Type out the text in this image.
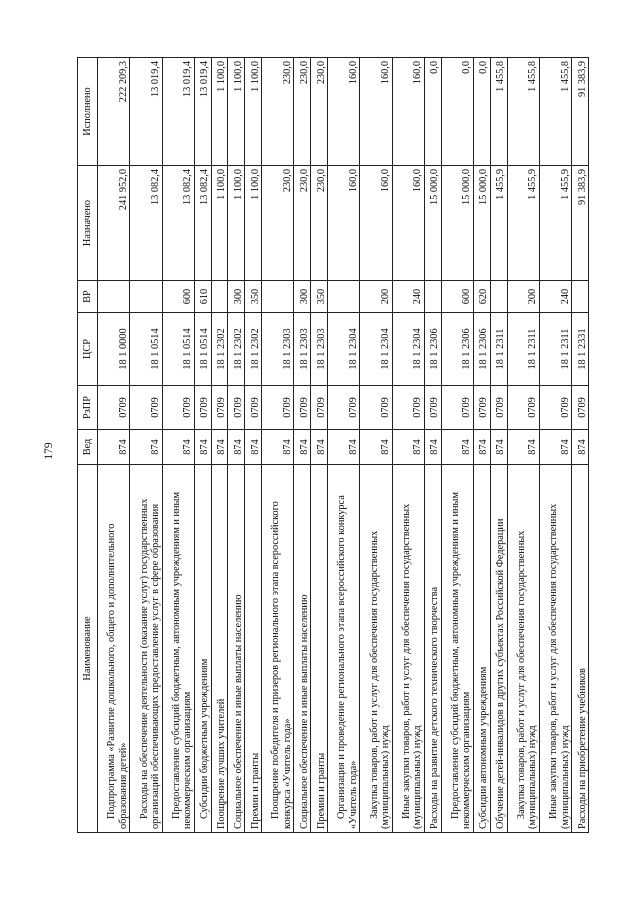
179
Наименование	Вед	РзПР	ЦСР	ВР	Назначено	Исполнено
Подпрограмма «Развитие дошкольного, общего и дополнительного образования детей»	874	0709	18 1 0000		241 952,0	222 209,3
Расходы на обеспечение деятельности (оказание услуг) государственных организаций обеспечивающих предоставление услуг в сфере образования	874	0709	18 1 0514		13 082,4	13 019,4
Предоставление субсидий бюджетным, автономным учреждениям и иным некоммерческим организациям	874	0709	18 1 0514	600	13 082,4	13 019,4
Субсидии бюджетным учреждениям	874	0709	18 1 0514	610	13 082,4	13 019,4
Поощрение лучших учителей	874	0709	18 1 2302		1 100,0	1 100,0
Социальное обеспечение и иные выплаты населению	874	0709	18 1 2302	300	1 100,0	1 100,0
Премии и гранты	874	0709	18 1 2302	350	1 100,0	1 100,0
Поощрение победителя и призеров регионального этапа всероссийского конкурса «Учитель года»	874	0709	18 1 2303		230,0	230,0
Социальное обеспечение и иные выплаты населению	874	0709	18 1 2303	300	230,0	230,0
Премии и гранты	874	0709	18 1 2303	350	230,0	230,0
Организация и проведение регионального этапа всероссийского конкурса «Учитель года»	874	0709	18 1 2304		160,0	160,0
Закупка товаров, работ и услуг для обеспечения государственных (муниципальных) нужд	874	0709	18 1 2304	200	160,0	160,0
Иные закупки товаров, работ и услуг для обеспечения государственных (муниципальных) нужд	874	0709	18 1 2304	240	160,0	160,0
Расходы на развитие детского технического творчества	874	0709	18 1 2306		15 000,0	0,0
Предоставление субсидий бюджетным, автономным учреждениям и иным некоммерческим организациям	874	0709	18 1 2306	600	15 000,0	0,0
Субсидии автономным учреждениям	874	0709	18 1 2306	620	15 000,0	0,0
Обучение детей-инвалидов в других субъектах Российской Федерации	874	0709	18 1 2311		1 455,9	1 455,8
Закупка товаров, работ и услуг для обеспечения государственных (муниципальных) нужд	874	0709	18 1 2311	200	1 455,9	1 455,8
Иные закупки товаров, работ и услуг для обеспечения государственных (муниципальных) нужд	874	0709	18 1 2311	240	1 455,9	1 455,8
Расходы на приобретение учебников	874	0709	18 1 2331		91 383,9	91 383,9
